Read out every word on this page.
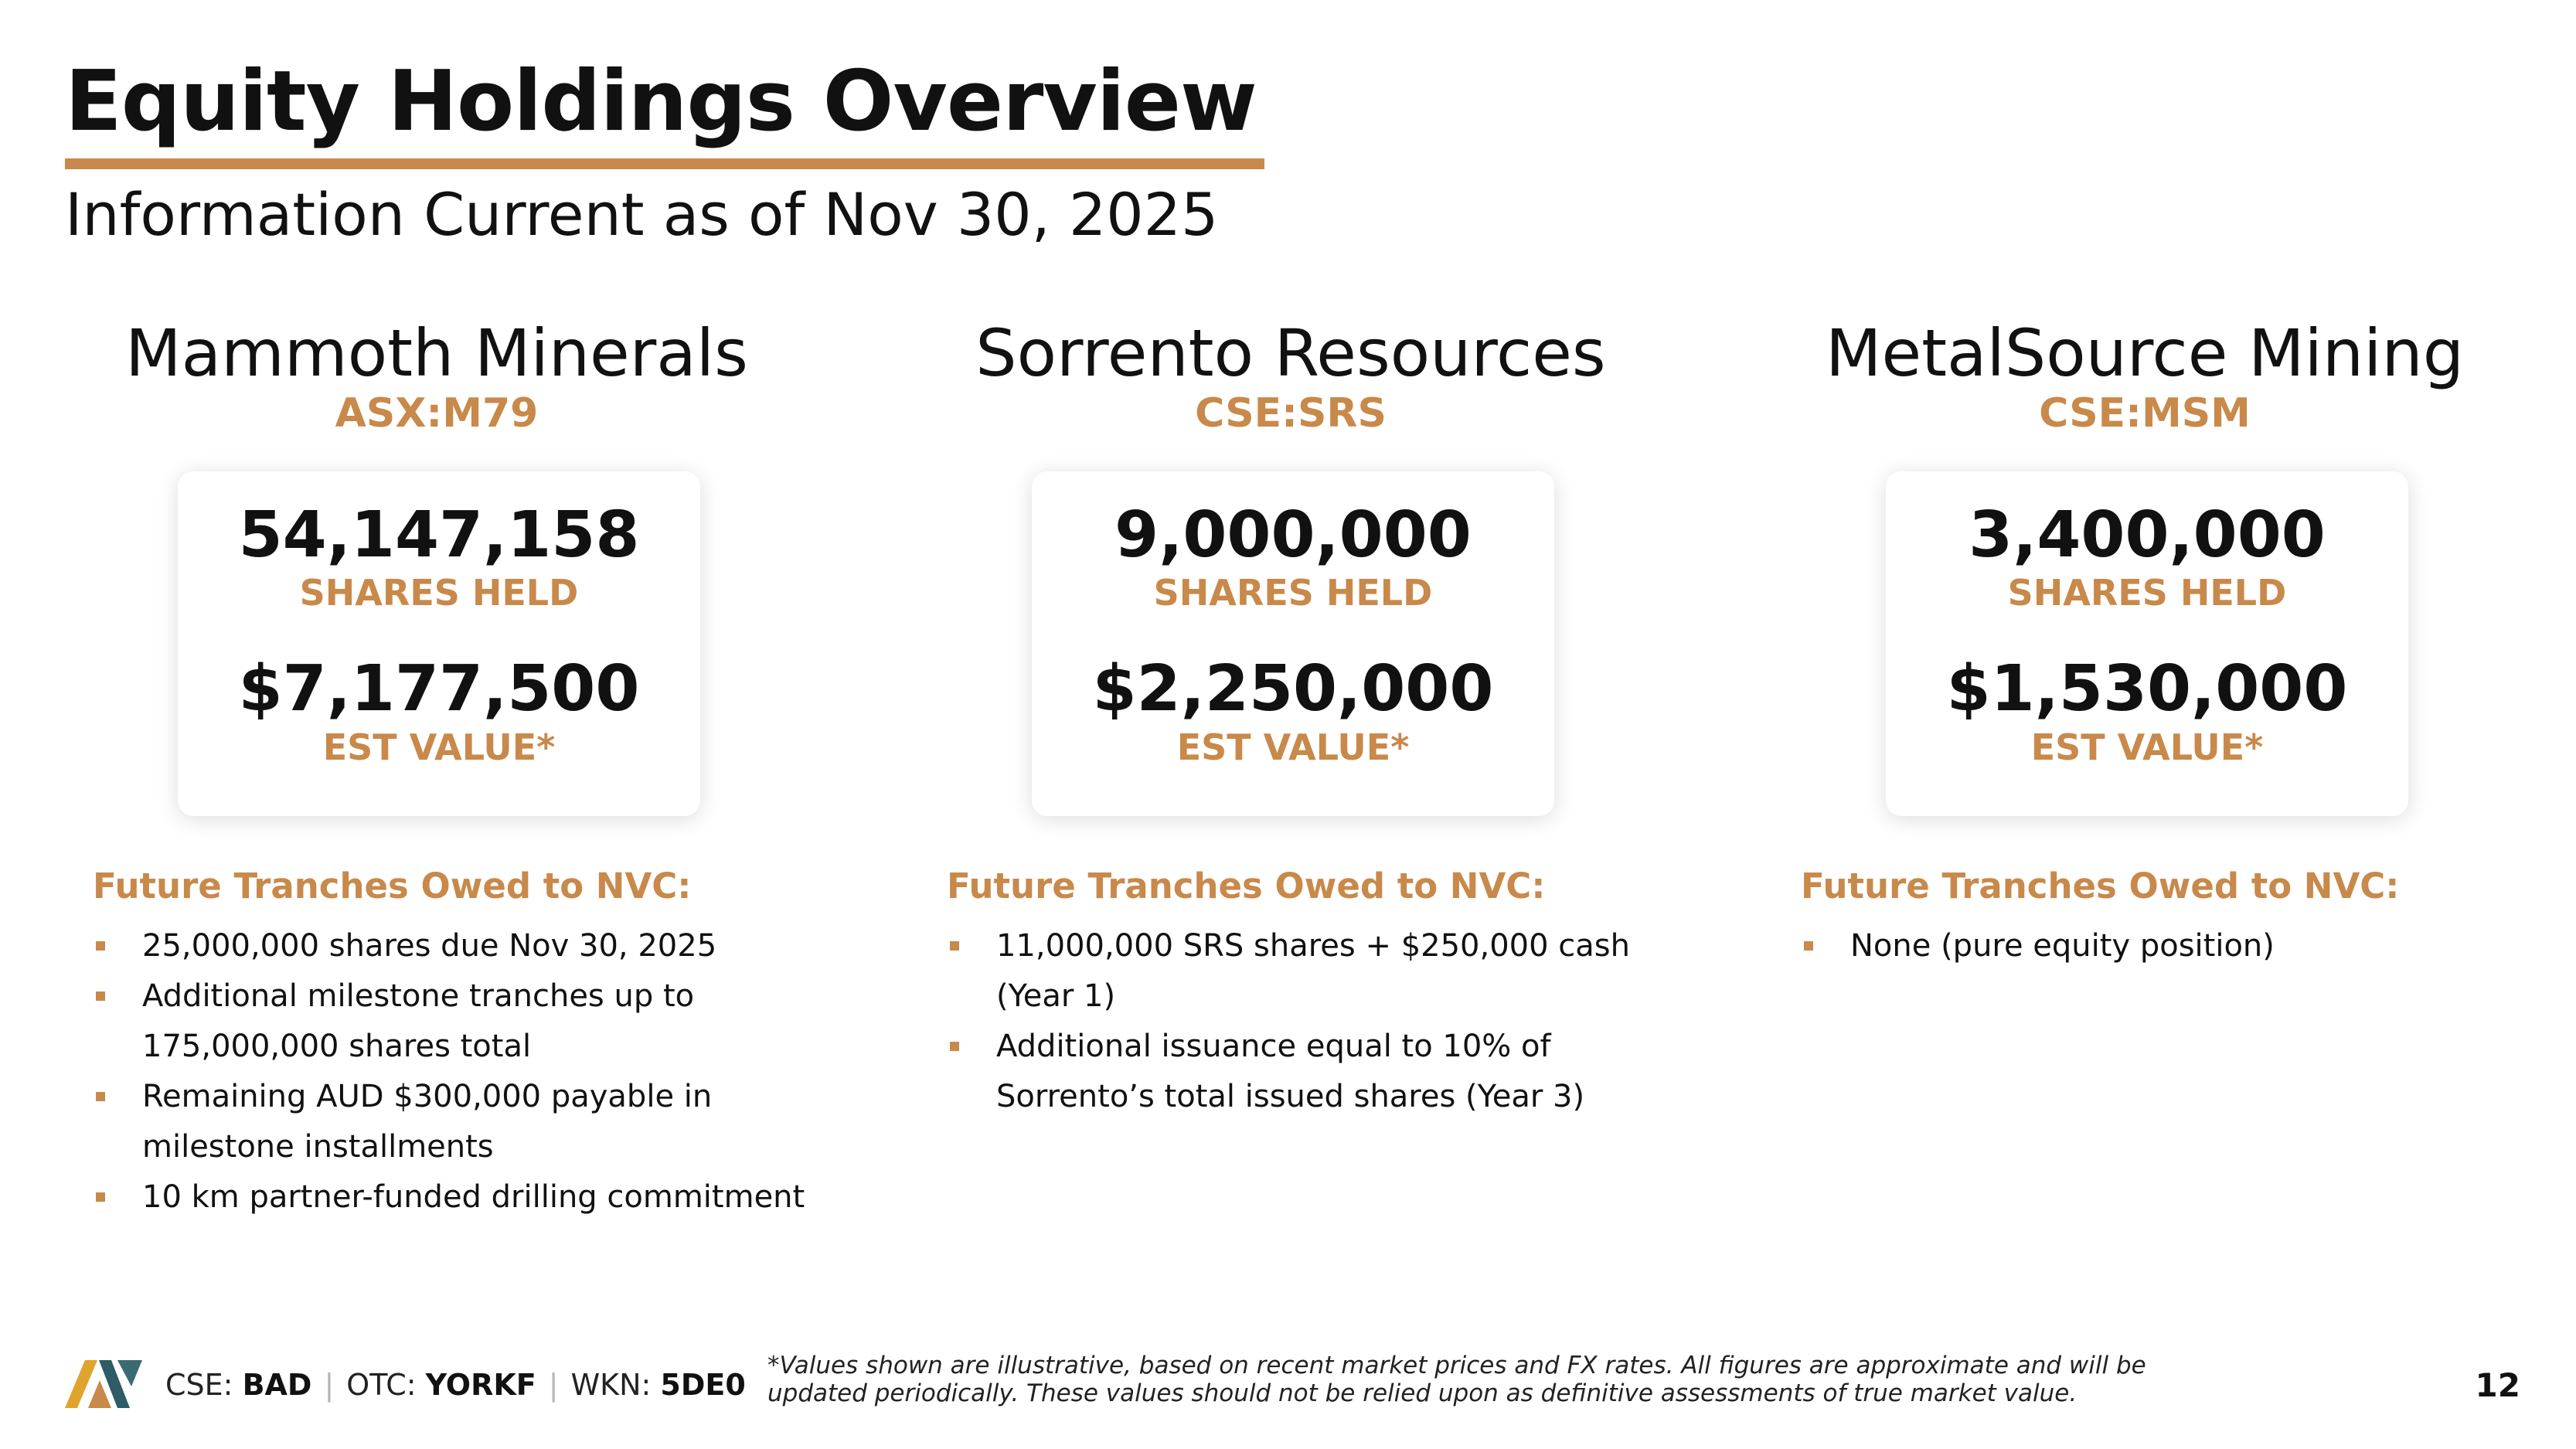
Equity Holdings Overview
Information Current as of Nov 30, 2025
Mammoth Minerals
ASX:M79
54,147,158
SHARES HELD
$7,177,500
EST VALUE*
Future Tranches Owed to NVC:
25,000,000 shares due Nov 30, 2025
Additional milestone tranches up to 175,000,000 shares total
Remaining AUD $300,000 payable in milestone installments
10 km partner-funded drilling commitment
Sorrento Resources
CSE:SRS
9,000,000
SHARES HELD
$2,250,000
EST VALUE*
Future Tranches Owed to NVC:
11,000,000 SRS shares + $250,000 cash (Year 1)
Additional issuance equal to 10% of Sorrento’s total issued shares (Year 3)
MetalSource Mining
CSE:MSM
3,400,000
SHARES HELD
$1,530,000
EST VALUE*
Future Tranches Owed to NVC:
None (pure equity position)
CSE: BAD | OTC: YORKF | WKN: 5DE0
*Values shown are illustrative, based on recent market prices and FX rates. All figures are approximate and will be updated periodically. These values should not be relied upon as definitive assessments of true market value.	12
